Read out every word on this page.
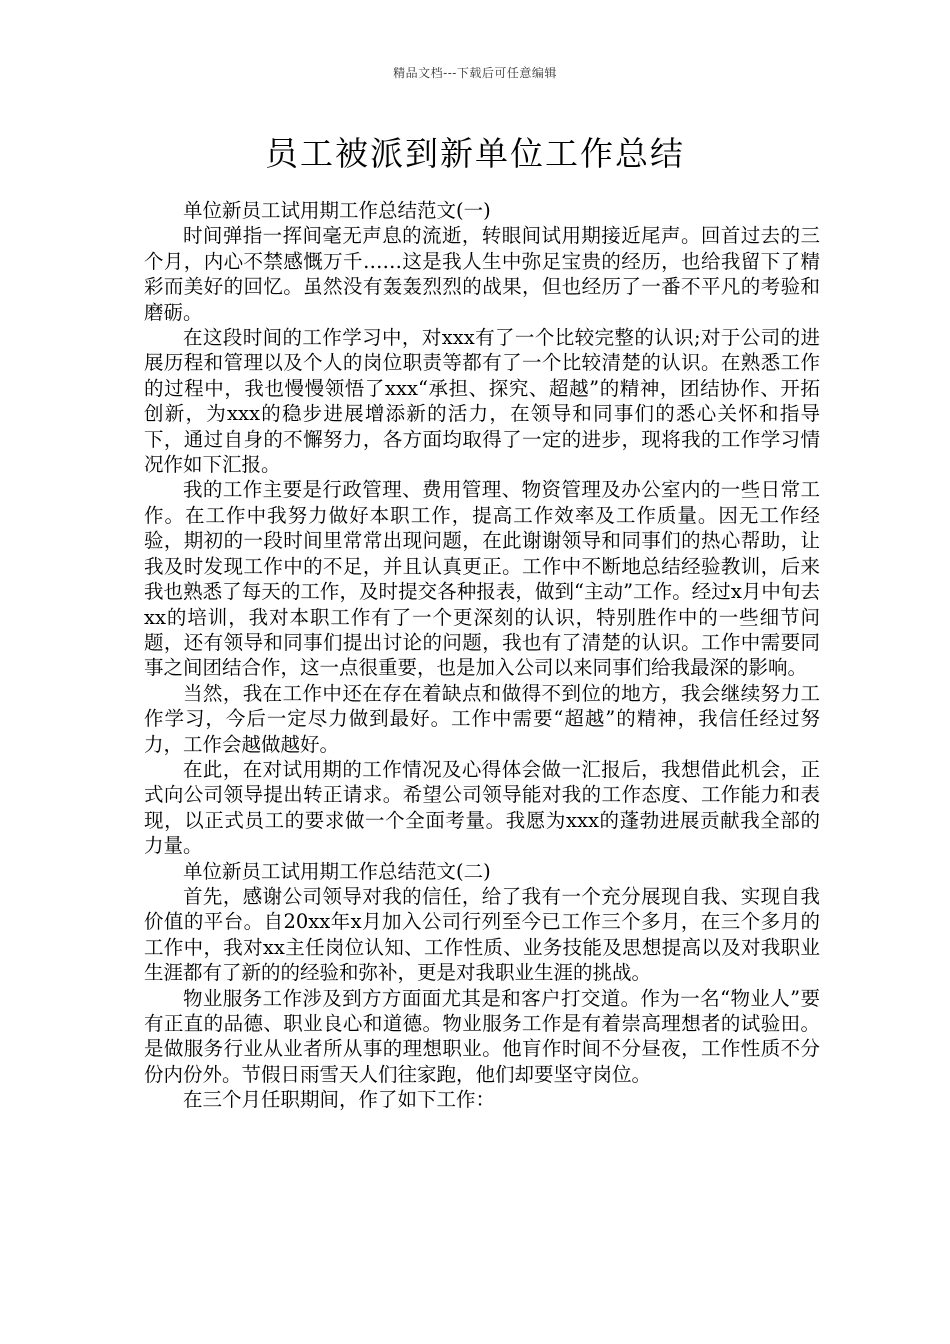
精品文档---下载后可任意编辑
员工被派到新单位工作总结

单位新员工试用期工作总结范文(一)

时间弹指一挥间毫无声息的流逝，转眼间试用期接近尾声。回首过去的三个月，内心不禁感慨万千……这是我人生中弥足宝贵的经历，也给我留下了精彩而美好的回忆。虽然没有轰轰烈烈的战果，但也经历了一番不平凡的考验和磨砺。

在这段时间的工作学习中，对xxx有了一个比较完整的认识;对于公司的进展历程和管理以及个人的岗位职责等都有了一个比较清楚的认识。在熟悉工作的过程中，我也慢慢领悟了xxx“承担、探究、超越”的精神，团结协作、开拓创新，为xxx的稳步进展增添新的活力，在领导和同事们的悉心关怀和指导下，通过自身的不懈努力，各方面均取得了一定的进步，现将我的工作学习情况作如下汇报。

我的工作主要是行政管理、费用管理、物资管理及办公室内的一些日常工作。在工作中我努力做好本职工作，提高工作效率及工作质量。因无工作经验，期初的一段时间里常常出现问题，在此谢谢领导和同事们的热心帮助，让我及时发现工作中的不足，并且认真更正。工作中不断地总结经验教训，后来我也熟悉了每天的工作，及时提交各种报表，做到“主动”工作。经过x月中旬去xx的培训，我对本职工作有了一个更深刻的认识，特别胜作中的一些细节问题，还有领导和同事们提出讨论的问题，我也有了清楚的认识。工作中需要同事之间团结合作，这一点很重要，也是加入公司以来同事们给我最深的影响。

当然，我在工作中还在存在着缺点和做得不到位的地方，我会继续努力工作学习，今后一定尽力做到最好。工作中需要“超越”的精神，我信任经过努力，工作会越做越好。

在此，在对试用期的工作情况及心得体会做一汇报后，我想借此机会，正式向公司领导提出转正请求。希望公司领导能对我的工作态度、工作能力和表现，以正式员工的要求做一个全面考量。我愿为xxx的蓬勃进展贡献我全部的力量。

单位新员工试用期工作总结范文(二)

首先，感谢公司领导对我的信任，给了我有一个充分展现自我、实现自我价值的平台。自20xx年x月加入公司行列至今已工作三个多月，在三个多月的工作中，我对xx主任岗位认知、工作性质、业务技能及思想提高以及对我职业生涯都有了新的的经验和弥补，更是对我职业生涯的挑战。

物业服务工作涉及到方方面面尤其是和客户打交道。作为一名“物业人”要有正直的品德、职业良心和道德。物业服务工作是有着崇高理想者的试验田。是做服务行业从业者所从事的理想职业。他肓作时间不分昼夜，工作性质不分份内份外。节假日雨雪天人们往家跑，他们却要坚守岗位。

在三个月任职期间，作了如下工作：
